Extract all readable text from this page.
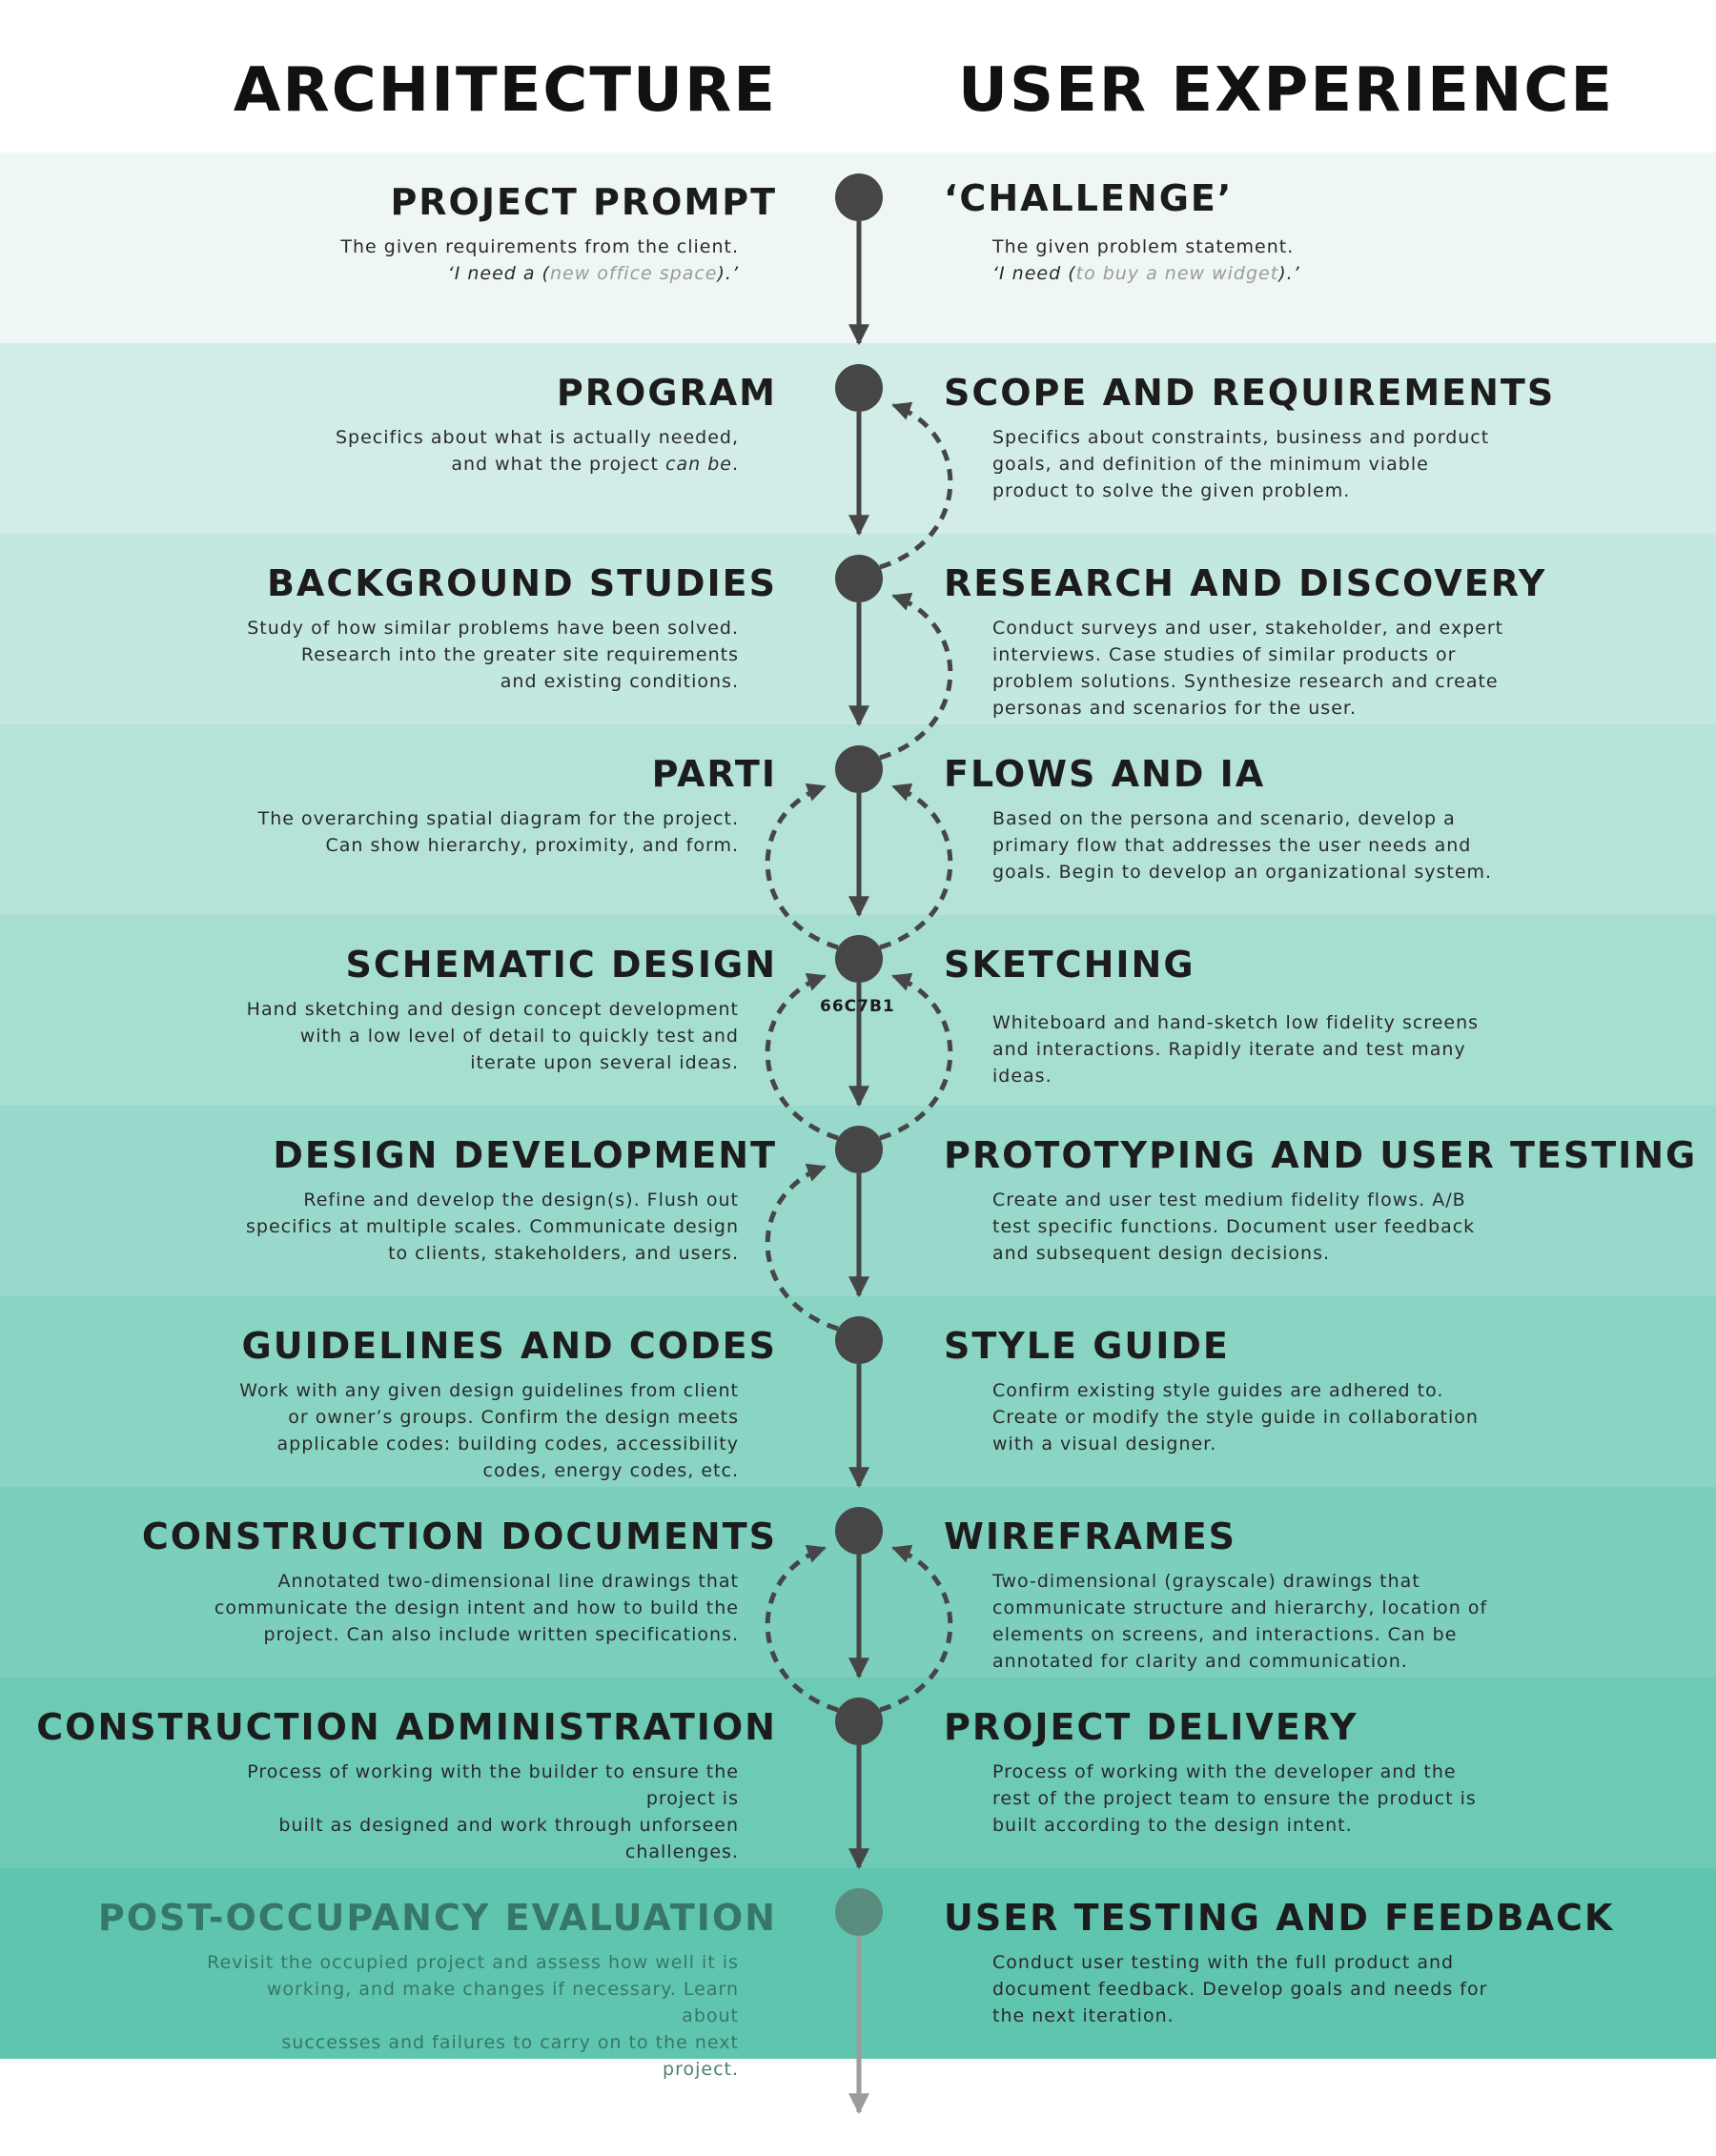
ARCHITECTURE	USER EXPERIENCE
PROJECT PROMPT
The given requirements from the client.
‘I need a (new office space).’
‘CHALLENGE’
The given problem statement.
‘I need (to buy a new widget).’
PROGRAM
Specifics about what is actually needed,
and what the project can be.
SCOPE AND REQUIREMENTS
Specifics about constraints, business and porduct
goals, and definition of the minimum viable
product to solve the given problem.
BACKGROUND STUDIES
Study of how similar problems have been solved.
Research into the greater site requirements
and existing conditions.
RESEARCH AND DISCOVERY
Conduct surveys and user, stakeholder, and expert
interviews. Case studies of similar products or
problem solutions. Synthesize research and create
personas and scenarios for the user.
PARTI
The overarching spatial diagram for the project.
Can show hierarchy, proximity, and form.
FLOWS AND IA
Based on the persona and scenario, develop a
primary flow that addresses the user needs and
goals. Begin to develop an organizational system.
SCHEMATIC DESIGN
Hand sketching and design concept development
with a low level of detail to quickly test and
iterate upon several ideas.
SKETCHING
Whiteboard and hand-sketch low fidelity screens
and interactions. Rapidly iterate and test many
ideas.
DESIGN DEVELOPMENT
Refine and develop the design(s). Flush out
specifics at multiple scales. Communicate design
to clients, stakeholders, and users.
PROTOTYPING AND USER TESTING
Create and user test medium fidelity flows. A/B
test specific functions. Document user feedback
and subsequent design decisions.
GUIDELINES AND CODES
Work with any given design guidelines from client
or owner’s groups. Confirm the design meets
applicable codes: building codes, accessibility
codes, energy codes, etc.
STYLE GUIDE
Confirm existing style guides are adhered to.
Create or modify the style guide in collaboration
with a visual designer.
CONSTRUCTION DOCUMENTS
Annotated two-dimensional line drawings that
communicate the design intent and how to build the
project. Can also include written specifications.
WIREFRAMES
Two-dimensional (grayscale) drawings that
communicate structure and hierarchy, location of
elements on screens, and interactions. Can be
annotated for clarity and communication.
CONSTRUCTION ADMINISTRATION
Process of working with the builder to ensure the project is
built as designed and work through unforseen challenges.
PROJECT DELIVERY
Process of working with the developer and the
rest of the project team to ensure the product is
built according to the design intent.
POST-OCCUPANCY EVALUATION
Revisit the occupied project and assess how well it is
working, and make changes if necessary. Learn about
successes and failures to carry on to the next project.
USER TESTING AND FEEDBACK
Conduct user testing with the full product and
document feedback. Develop goals and needs for
the next iteration.
66C7B1
